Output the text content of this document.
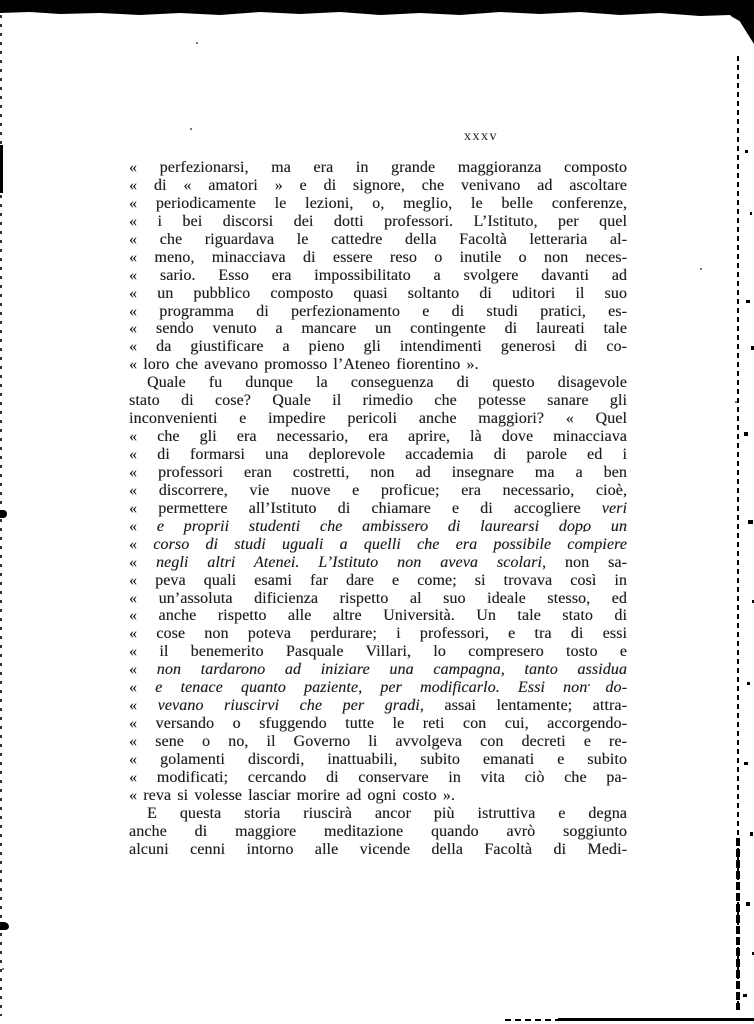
xxxv
« perfezionarsi, ma era in grande maggioranza composto
« di « amatori » e di signore, che venivano ad ascoltare
« periodicamente le lezioni, o, meglio, le belle conferenze,
« i bei discorsi dei dotti professori. L’Istituto, per quel
« che riguardava le cattedre della Facoltà letteraria al-
« meno, minacciava di essere reso o inutile o non neces-
« sario. Esso era impossibilitato a svolgere davanti ad
« un pubblico composto quasi soltanto di uditori il suo
« programma di perfezionamento e di studi pratici, es-
« sendo venuto a mancare un contingente di laureati tale
« da giustificare a pieno gli intendimenti generosi di co-
« loro che avevano promosso l’Ateneo fiorentino ».
Quale fu dunque la conseguenza di questo disagevole
stato di cose? Quale il rimedio che potesse sanare gli
inconvenienti e impedire pericoli anche maggiori? « Quel
« che gli era necessario, era aprire, là dove minacciava
« di formarsi una deplorevole accademia di parole ed i
« professori eran costretti, non ad insegnare ma a ben
« discorrere, vie nuove e proficue; era necessario, cioè,
« permettere all’Istituto di chiamare e di accogliere veri
« e proprii studenti che ambissero di laurearsi dopo un
« corso di studi uguali a quelli che era possibile compiere
« negli altri Atenei. L’Istituto non aveva scolari, non sa-
« peva quali esami far dare e come; si trovava così in
« un’assoluta dificienza rispetto al suo ideale stesso, ed
« anche rispetto alle altre Università. Un tale stato di
« cose non poteva perdurare; i professori, e tra di essi
« il benemerito Pasquale Villari, lo compresero tosto e
« non tardarono ad iniziare una campagna, tanto assidua
« e tenace quanto paziente, per modificarlo. Essi non do-
« vevano riuscirvi che per gradi, assai lentamente; attra-
« versando o sfuggendo tutte le reti con cui, accorgendo-
« sene o no, il Governo li avvolgeva con decreti e re-
« golamenti discordi, inattuabili, subito emanati e subito
« modificati; cercando di conservare in vita ciò che pa-
« reva si volesse lasciar morire ad ogni costo ».
E questa storia riuscirà ancor più istruttiva e degna
anche di maggiore meditazione quando avrò soggiunto
alcuni cenni intorno alle vicende della Facoltà di Medi-
